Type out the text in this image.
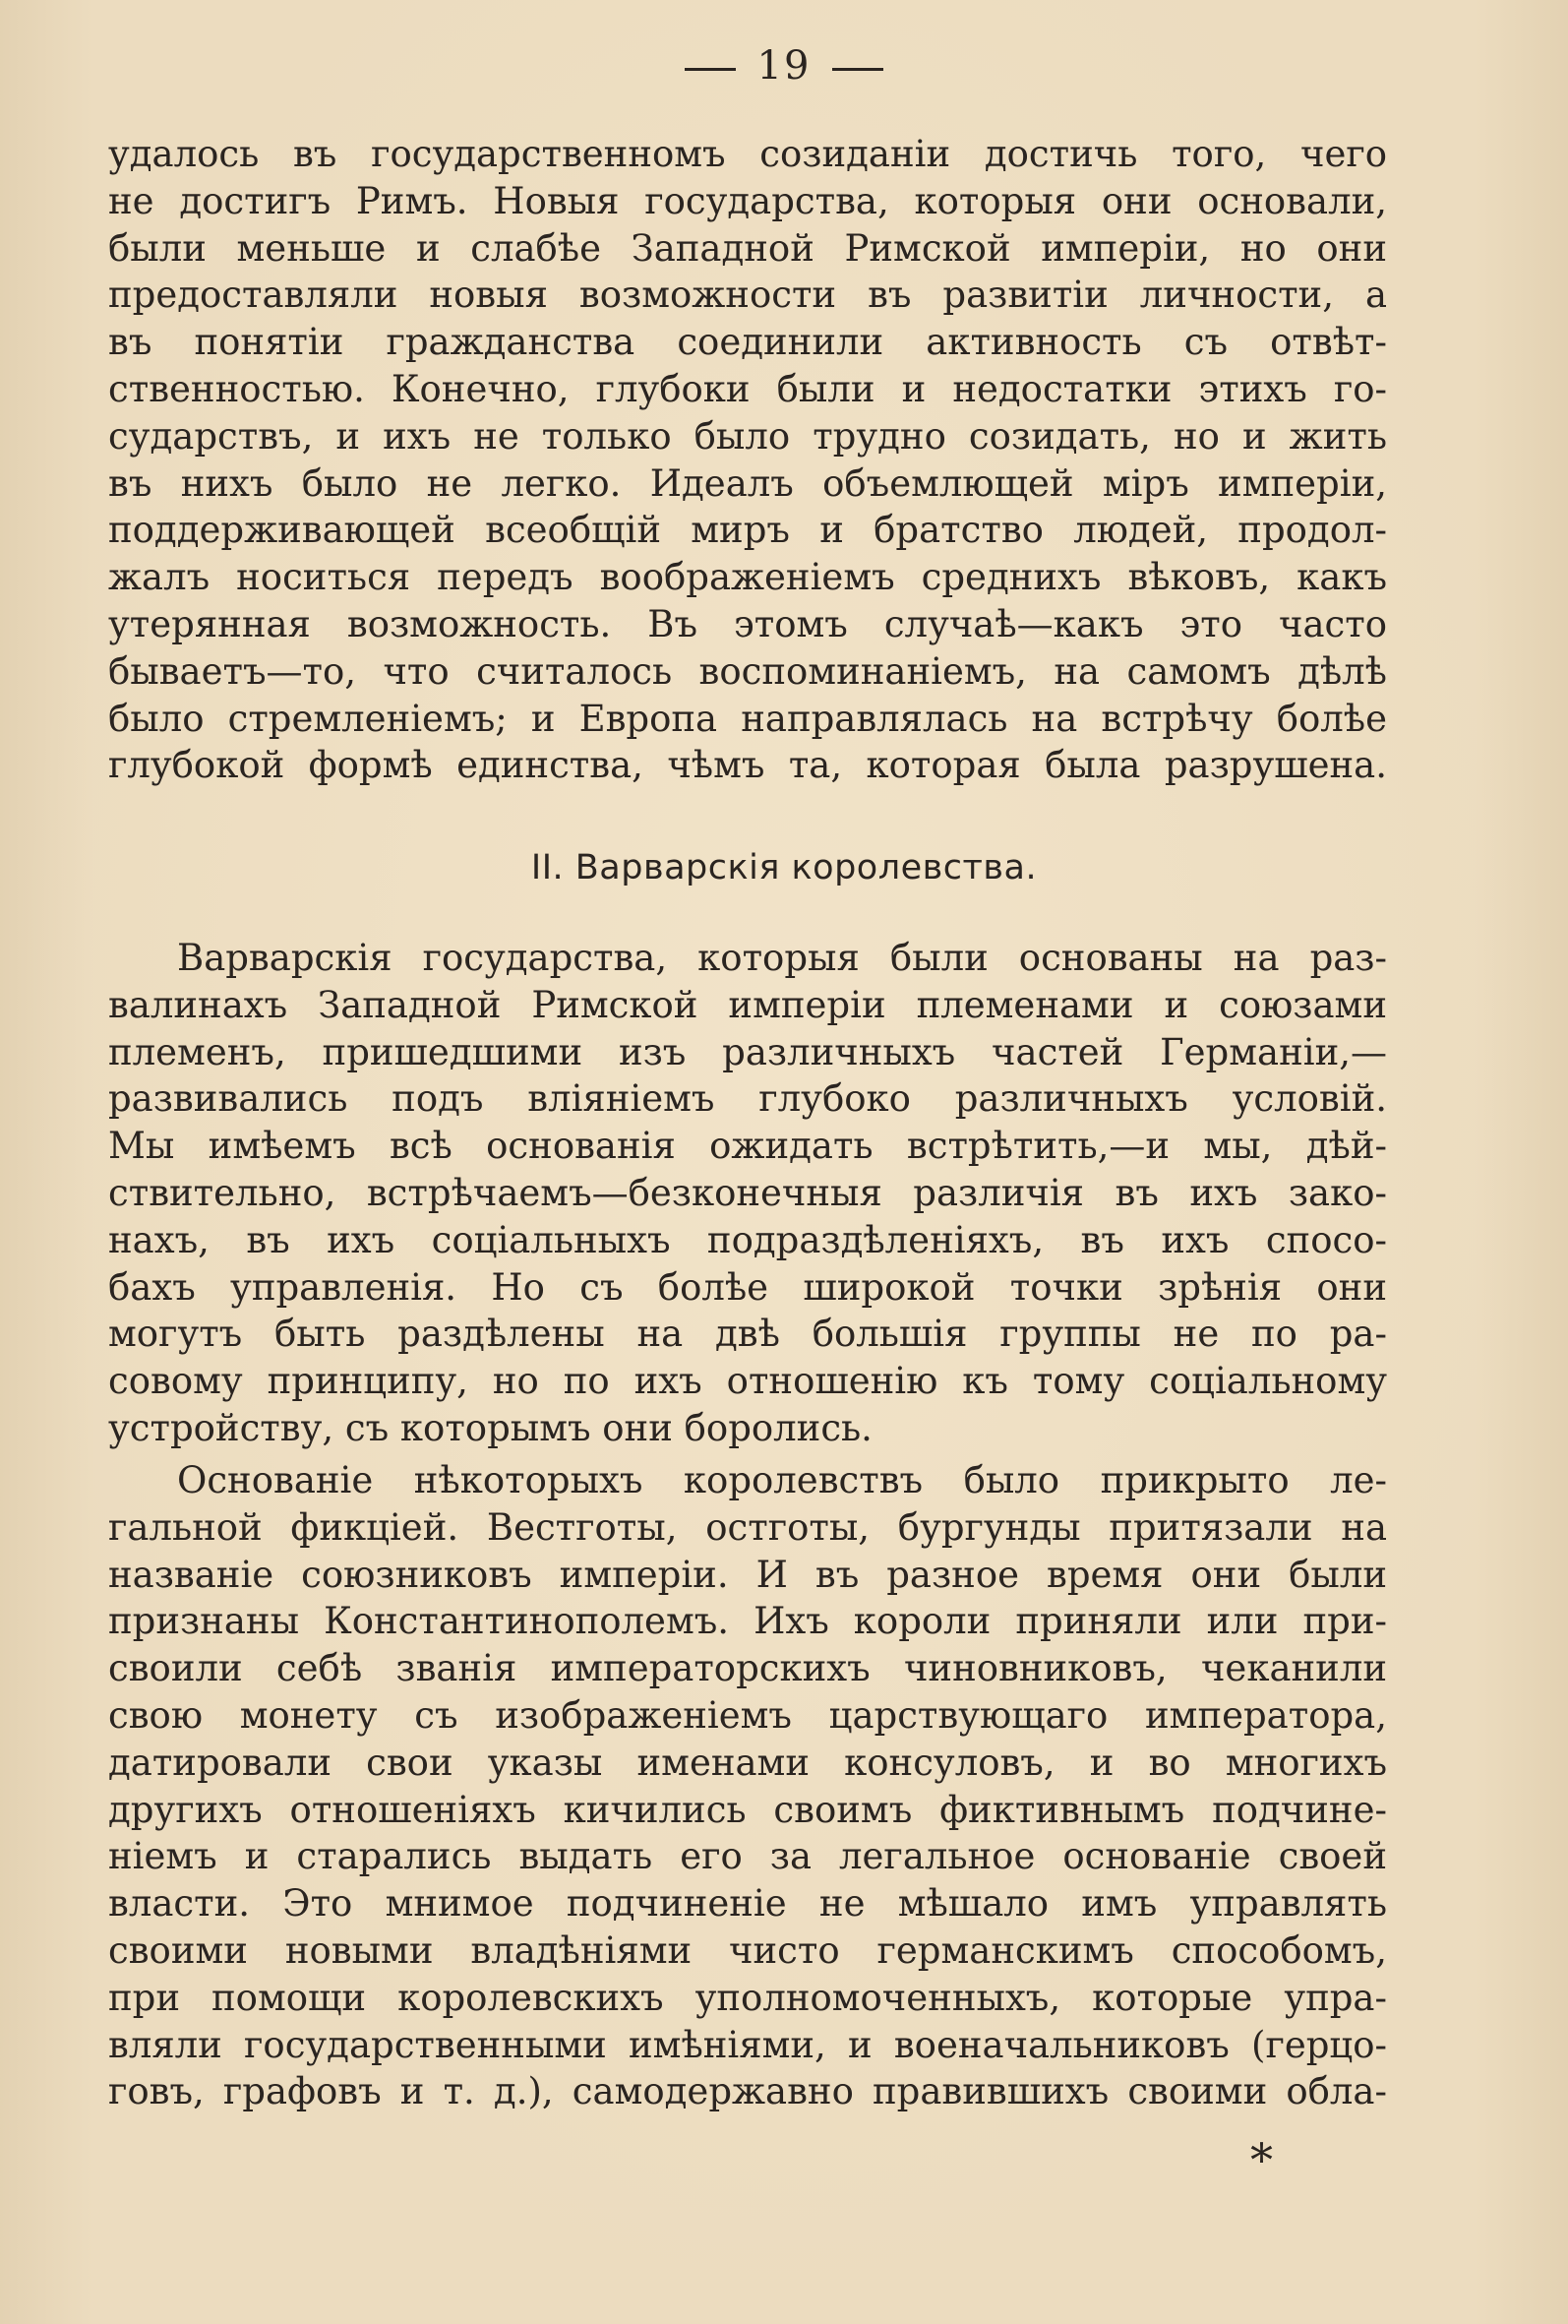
19
удалось въ государственномъ созиданіи достичь того, чего
не достигъ Римъ. Новыя государства, которыя они основали,
были меньше и слабѣе Западной Римской имперіи, но они
предоставляли новыя возможности въ развитіи личности, а
въ понятіи гражданства соединили активность съ отвѣт-
ственностью. Конечно, глубоки были и недостатки этихъ го-
сударствъ, и ихъ не только было трудно созидать, но и жить
въ нихъ было не легко. Идеалъ объемлющей міръ имперіи,
поддерживающей всеобщій миръ и братство людей, продол-
жалъ носиться передъ воображеніемъ среднихъ вѣковъ, какъ
утерянная возможность. Въ этомъ случаѣ—какъ это часто
бываетъ—то, что считалось воспоминаніемъ, на самомъ дѣлѣ
было стремленіемъ; и Европа направлялась на встрѣчу болѣе
глубокой формѣ единства, чѣмъ та, которая была разрушена.
II. Варварскія королевства.
Варварскія государства, которыя были основаны на раз-
валинахъ Западной Римской имперіи племенами и союзами
племенъ, пришедшими изъ различныхъ частей Германіи,—
развивались подъ вліяніемъ глубоко различныхъ условій.
Мы имѣемъ всѣ основанія ожидать встрѣтить,—и мы, дѣй-
ствительно, встрѣчаемъ—безконечныя различія въ ихъ зако-
нахъ, въ ихъ соціальныхъ подраздѣленіяхъ, въ ихъ спосо-
бахъ управленія. Но съ болѣе широкой точки зрѣнія они
могутъ быть раздѣлены на двѣ большія группы не по ра-
совому принципу, но по ихъ отношенію къ тому соціальному
устройству, съ которымъ они боролись.
Основаніе нѣкоторыхъ королевствъ было прикрыто ле-
гальной фикціей. Вестготы, остготы, бургунды притязали на
названіе союзниковъ имперіи. И въ разное время они были
признаны Константинополемъ. Ихъ короли приняли или при-
своили себѣ званія императорскихъ чиновниковъ, чеканили
свою монету съ изображеніемъ царствующаго императора,
датировали свои указы именами консуловъ, и во многихъ
другихъ отношеніяхъ кичились своимъ фиктивнымъ подчине-
ніемъ и старались выдать его за легальное основаніе своей
власти. Это мнимое подчиненіе не мѣшало имъ управлять
своими новыми владѣніями чисто германскимъ способомъ,
при помощи королевскихъ уполномоченныхъ, которые упра-
вляли государственными имѣніями, и военачальниковъ (герцо-
говъ, графовъ и т. д.), самодержавно правившихъ своими обла-
*
